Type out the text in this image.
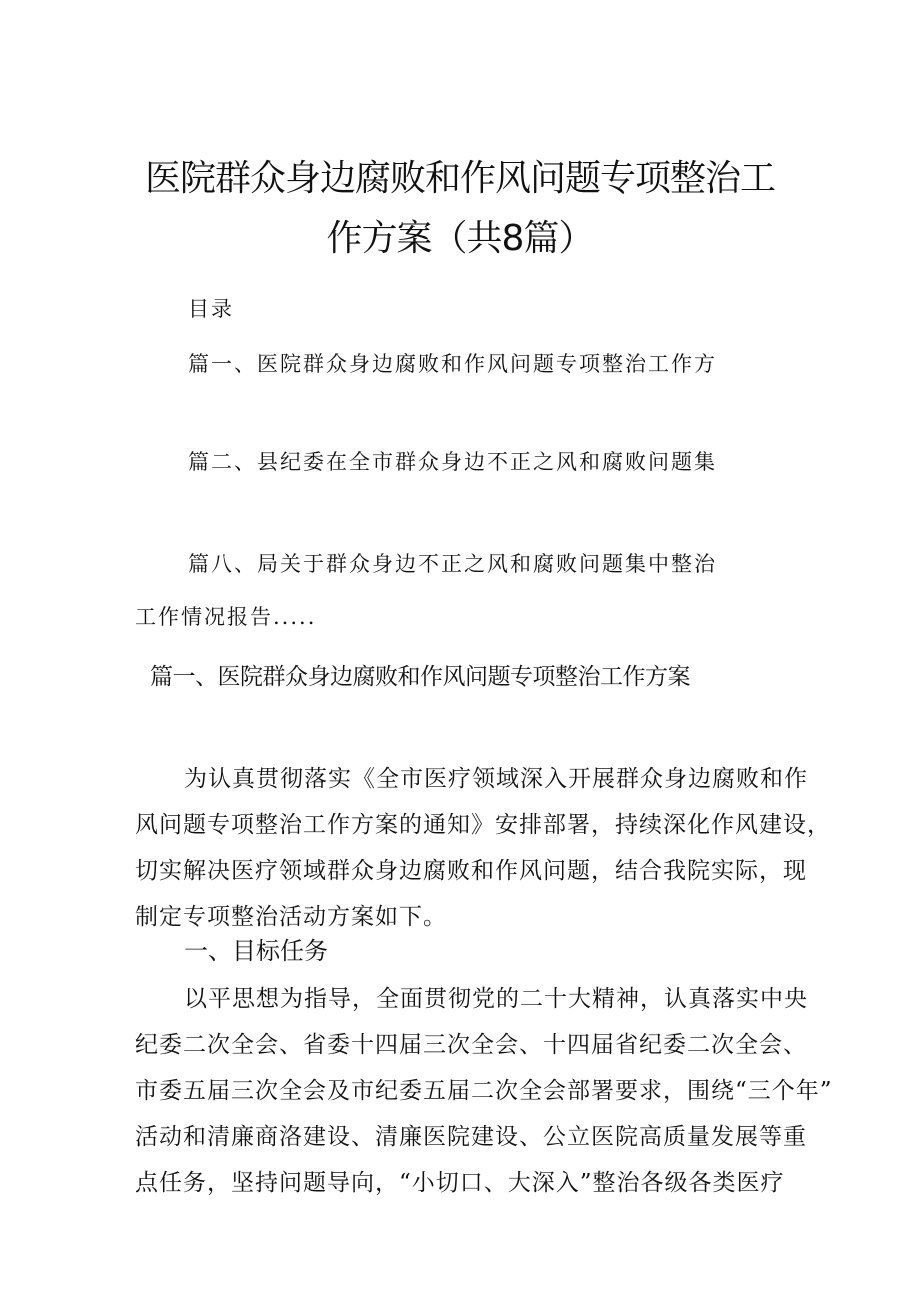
医院群众身边腐败和作风问题专项整治工
作方案（共8篇）
目录
篇一、医院群众身边腐败和作风问题专项整治工作方
篇二、县纪委在全市群众身边不正之风和腐败问题集
篇八、局关于群众身边不正之风和腐败问题集中整治
工作情况报告.....
篇一、医院群众身边腐败和作风问题专项整治工作方案
为认真贯彻落实《全市医疗领域深入开展群众身边腐败和作
风问题专项整治工作方案的通知》安排部署，持续深化作风建设，
切实解决医疗领域群众身边腐败和作风问题，结合我院实际，现
制定专项整治活动方案如下。
一、目标任务
以平思想为指导，全面贯彻党的二十大精神，认真落实中央
纪委二次全会、省委十四届三次全会、十四届省纪委二次全会、
市委五届三次全会及市纪委五届二次全会部署要求，围绕“三个年”
活动和清廉商洛建设、清廉医院建设、公立医院高质量发展等重
点任务，坚持问题导向，“小切口、大深入”整治各级各类医疗
